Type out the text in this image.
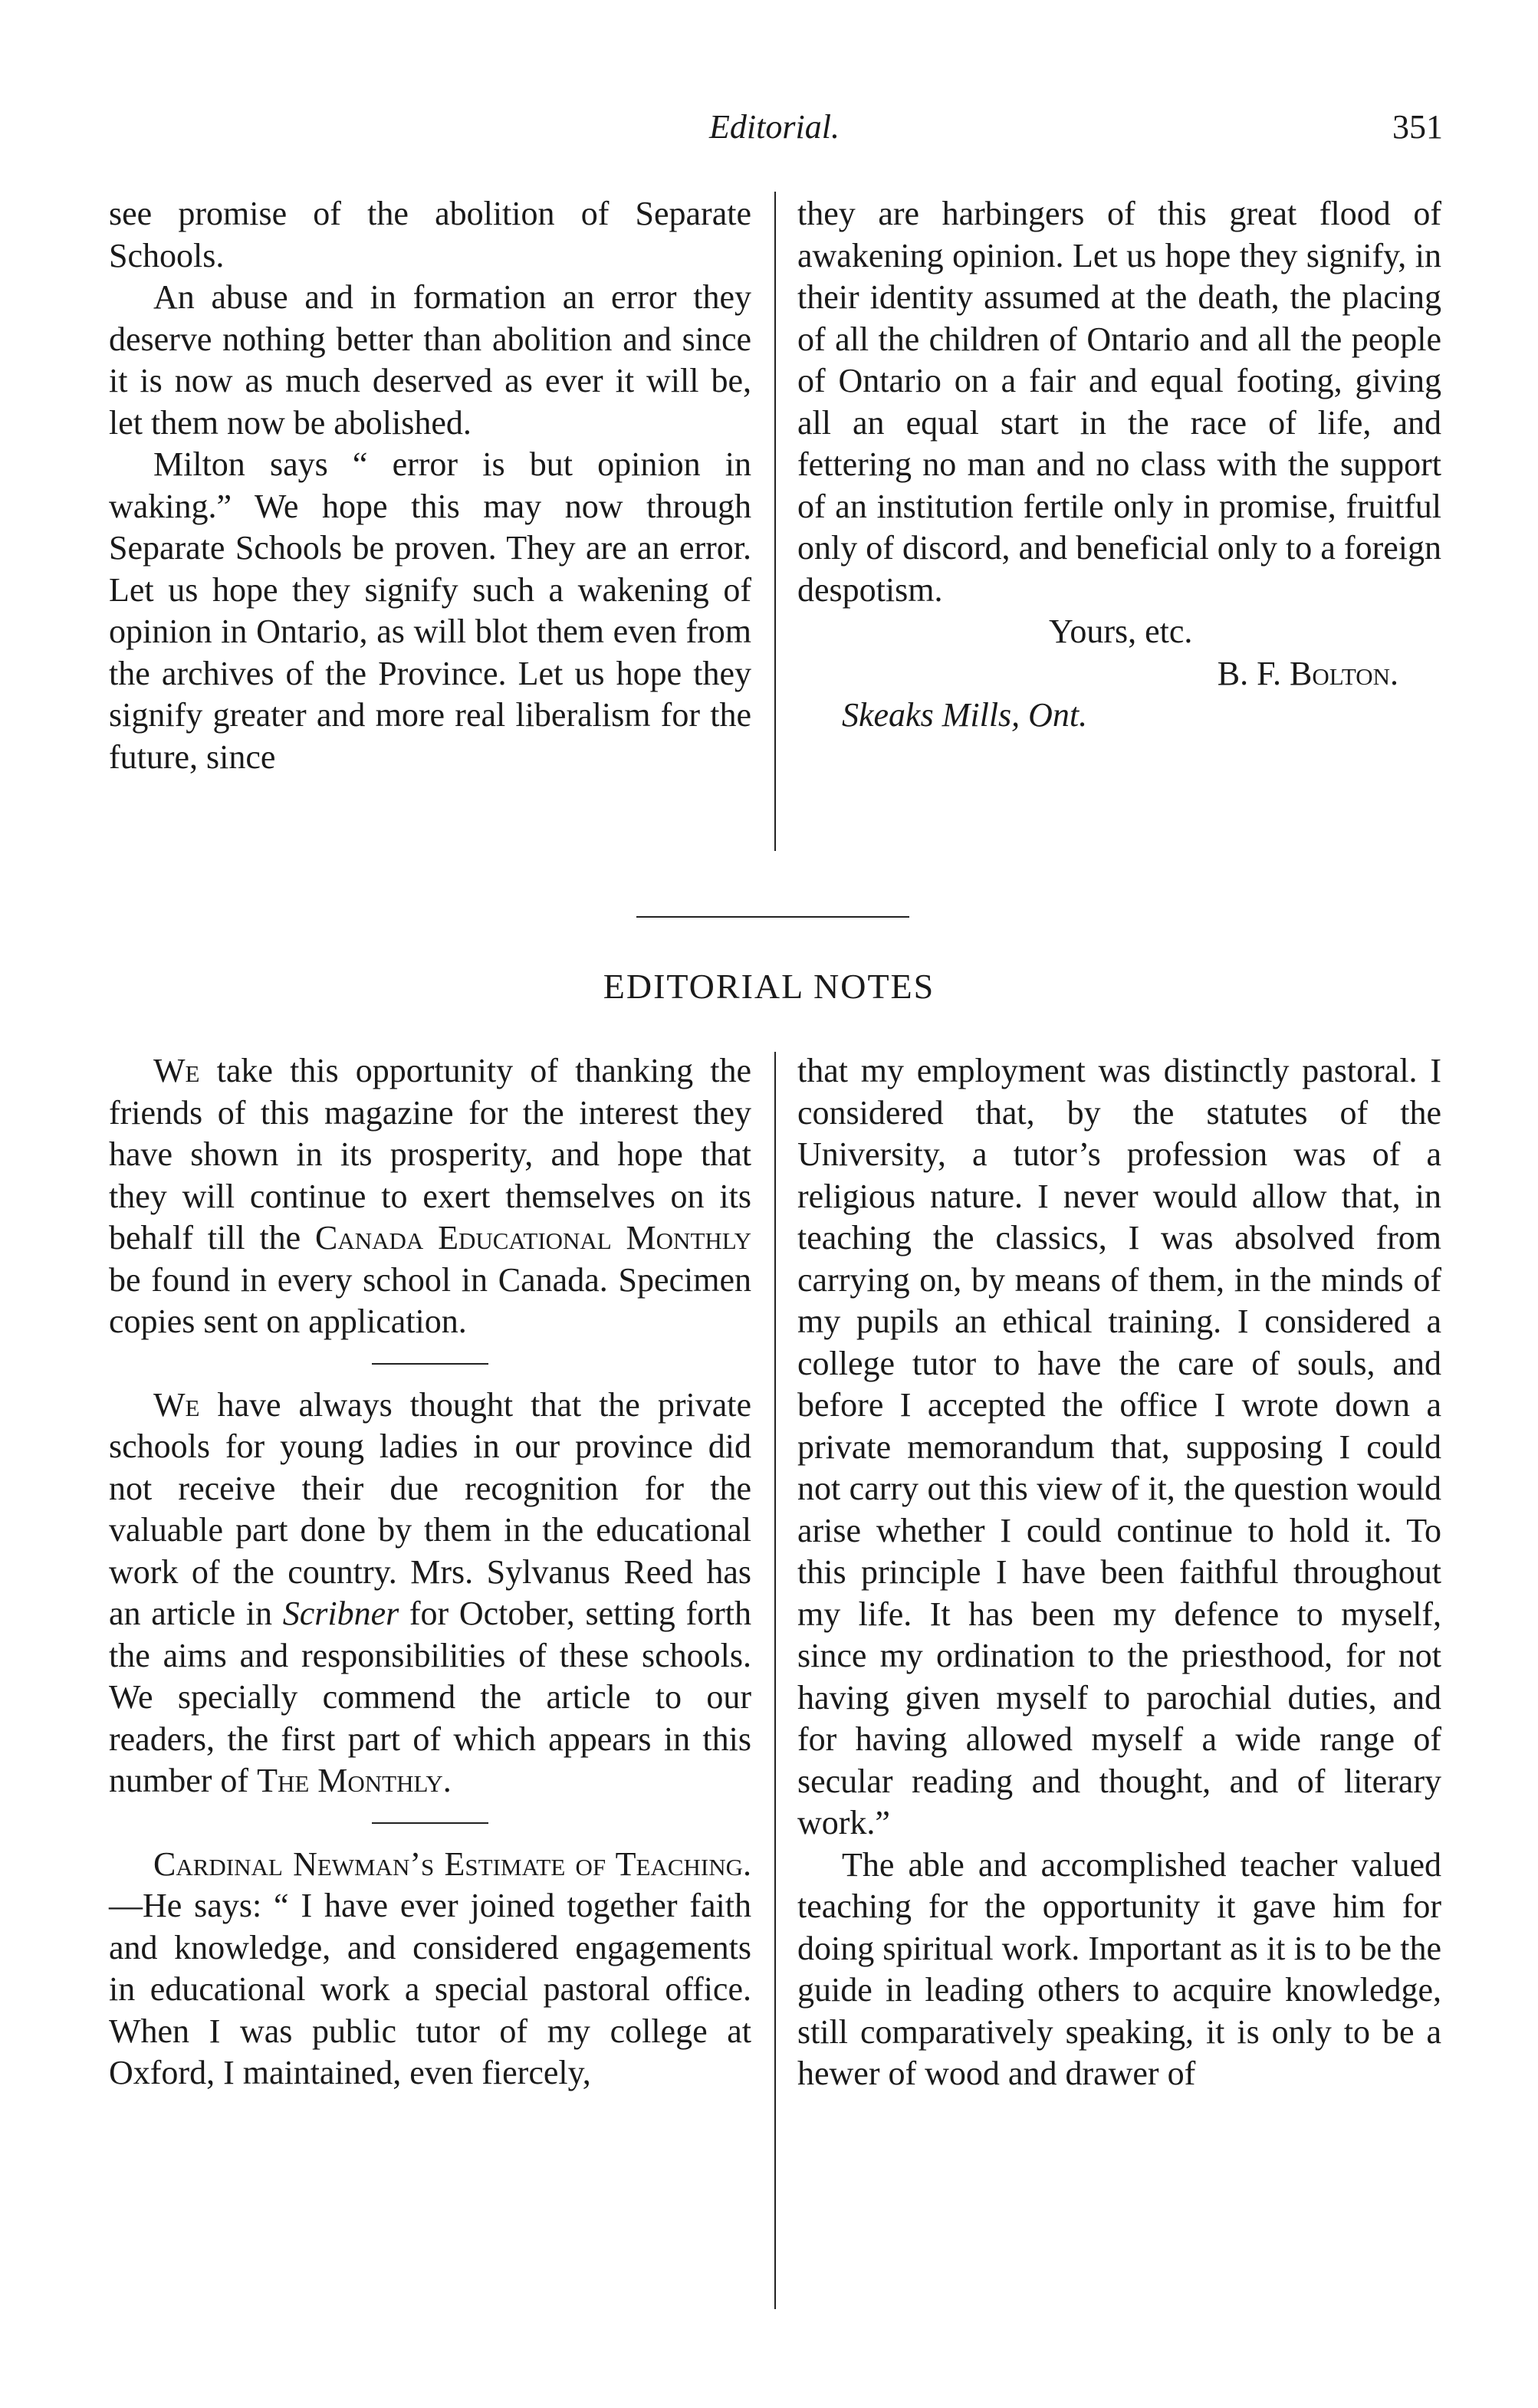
Editorial.	351

see promise of the abolition of Separate Schools.

An abuse and in formation an error they deserve nothing better than abolition and since it is now as much deserved as ever it will be, let them now be abolished.

Milton says “ error is but opinion in waking.” We hope this may now through Separate Schools be proven. They are an error. Let us hope they signify such a wakening of opinion in Ontario, as will blot them even from the archives of the Province. Let us hope they signify greater and more real liberalism for the future, since

they are harbingers of this great flood of awakening opinion. Let us hope they signify, in their identity assumed at the death, the placing of all the children of Ontario and all the people of Ontario on a fair and equal footing, giving all an equal start in the race of life, and fettering no man and no class with the support of an institution fertile only in promise, fruitful only of discord, and beneficial only to a foreign despotism.

Yours, etc.

B. F. Bolton.

Skeaks Mills, Ont.

EDITORIAL NOTES

We take this opportunity of thanking the friends of this magazine for the interest they have shown in its prosperity, and hope that they will continue to exert themselves on its behalf till the Canada Educational Monthly be found in every school in Canada. Specimen copies sent on application.

We have always thought that the private schools for young ladies in our province did not receive their due recognition for the valuable part done by them in the educational work of the country. Mrs. Sylvanus Reed has an article in Scribner for October, setting forth the aims and responsibilities of these schools. We specially commend the article to our readers, the first part of which appears in this number of The Monthly.

Cardinal Newman’s Estimate of Teaching.—He says: “ I have ever joined together faith and knowledge, and considered engagements in educational work a special pastoral office. When I was public tutor of my college at Oxford, I maintained, even fiercely,

that my employment was distinctly pastoral. I considered that, by the statutes of the University, a tutor’s profession was of a religious nature. I never would allow that, in teaching the classics, I was absolved from carrying on, by means of them, in the minds of my pupils an ethical training. I considered a college tutor to have the care of souls, and before I accepted the office I wrote down a private memorandum that, supposing I could not carry out this view of it, the question would arise whether I could continue to hold it. To this principle I have been faithful throughout my life. It has been my defence to myself, since my ordination to the priesthood, for not having given myself to parochial duties, and for having allowed myself a wide range of secular reading and thought, and of literary work.”

The able and accomplished teacher valued teaching for the opportunity it gave him for doing spiritual work. Important as it is to be the guide in leading others to acquire knowledge, still comparatively speaking, it is only to be a hewer of wood and drawer of
